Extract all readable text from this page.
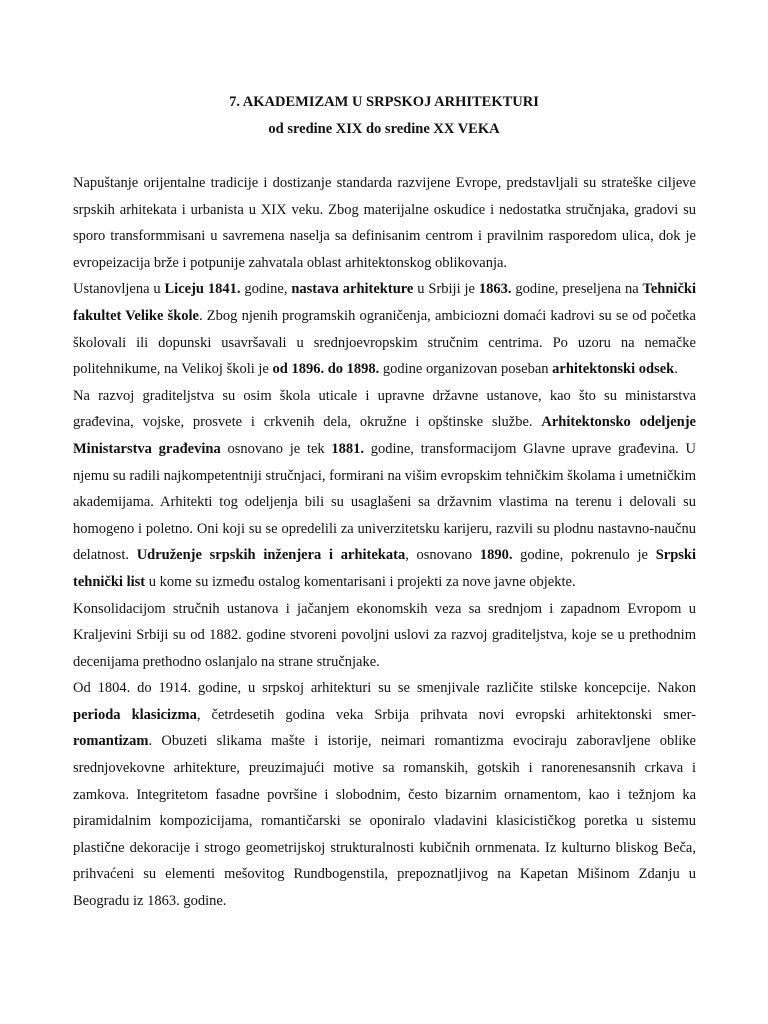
7. AKADEMIZAM U SRPSKOJ ARHITEKTURI
od sredine XIX do sredine XX VEKA

Napuštanje orijentalne tradicije i dostizanje standarda razvijene Evrope, predstavljali su strateške ciljeve srpskih arhitekata i urbanista u XIX veku. Zbog materijalne oskudice i nedostatka stručnjaka, gradovi su sporo transformmisani u savremena naselja sa definisanim centrom i pravilnim rasporedom ulica, dok je evropeizacija brže i potpunije zahvatala oblast arhitektonskog oblikovanja.

Ustanovljena u Liceju 1841. godine, nastava arhitekture u Srbiji je 1863. godine, preseljena na Tehnički fakultet Velike škole. Zbog njenih programskih ograničenja, ambiciozni domaći kadrovi su se od početka školovali ili dopunski usavršavali u srednjoevropskim stručnim centrima. Po uzoru na nemačke politehnikume, na Velikoj školi je od 1896. do 1898. godine organizovan poseban arhitektonski odsek.

Na razvoj graditeljstva su osim škola uticale i upravne državne ustanove, kao što su ministarstva građevina, vojske, prosvete i crkvenih dela, okružne i opštinske službe. Arhitektonsko odeljenje Ministarstva građevina osnovano je tek 1881. godine, transformacijom Glavne uprave građevina. U njemu su radili najkompetentniji stručnjaci, formirani na višim evropskim tehničkim školama i umetničkim akademijama. Arhitekti tog odeljenja bili su usaglašeni sa državnim vlastima na terenu i delovali su homogeno i poletno. Oni koji su se opredelili za univerzitetsku karijeru, razvili su plodnu nastavno-naučnu delatnost. Udruženje srpskih inženjera i arhitekata, osnovano 1890. godine, pokrenulo je Srpski tehnički list u kome su između ostalog komentarisani i projekti za nove javne objekte.

Konsolidacijom stručnih ustanova i jačanjem ekonomskih veza sa srednjom i zapadnom Evropom u Kraljevini Srbiji su od 1882. godine stvoreni povoljni uslovi za razvoj graditeljstva, koje se u prethodnim decenijama prethodno oslanjalo na strane stručnjake.

Od 1804. do 1914. godine, u srpskoj arhitekturi su se smenjivale različite stilske koncepcije. Nakon perioda klasicizma, četrdesetih godina veka Srbija prihvata novi evropski arhitektonski smer-romantizam. Obuzeti slikama mašte i istorije, neimari romantizma evociraju zaboravljene oblike srednjovekovne arhitekture, preuzimajući motive sa romanskih, gotskih i ranorenesansnih crkava i zamkova. Integritetom fasadne površine i slobodnim, često bizarnim ornamentom, kao i težnjom ka piramidalnim kompozicijama, romantičarski se oponiralo vladavini klasicističkog poretka u sistemu plastične dekoracije i strogo geometrijskoj strukturalnosti kubičnih ornmenata. Iz kulturno bliskog Beča, prihvaćeni su elementi mešovitog Rundbogenstila, prepoznatljivog na Kapetan Mišinom Zdanju u Beogradu iz 1863. godine.
